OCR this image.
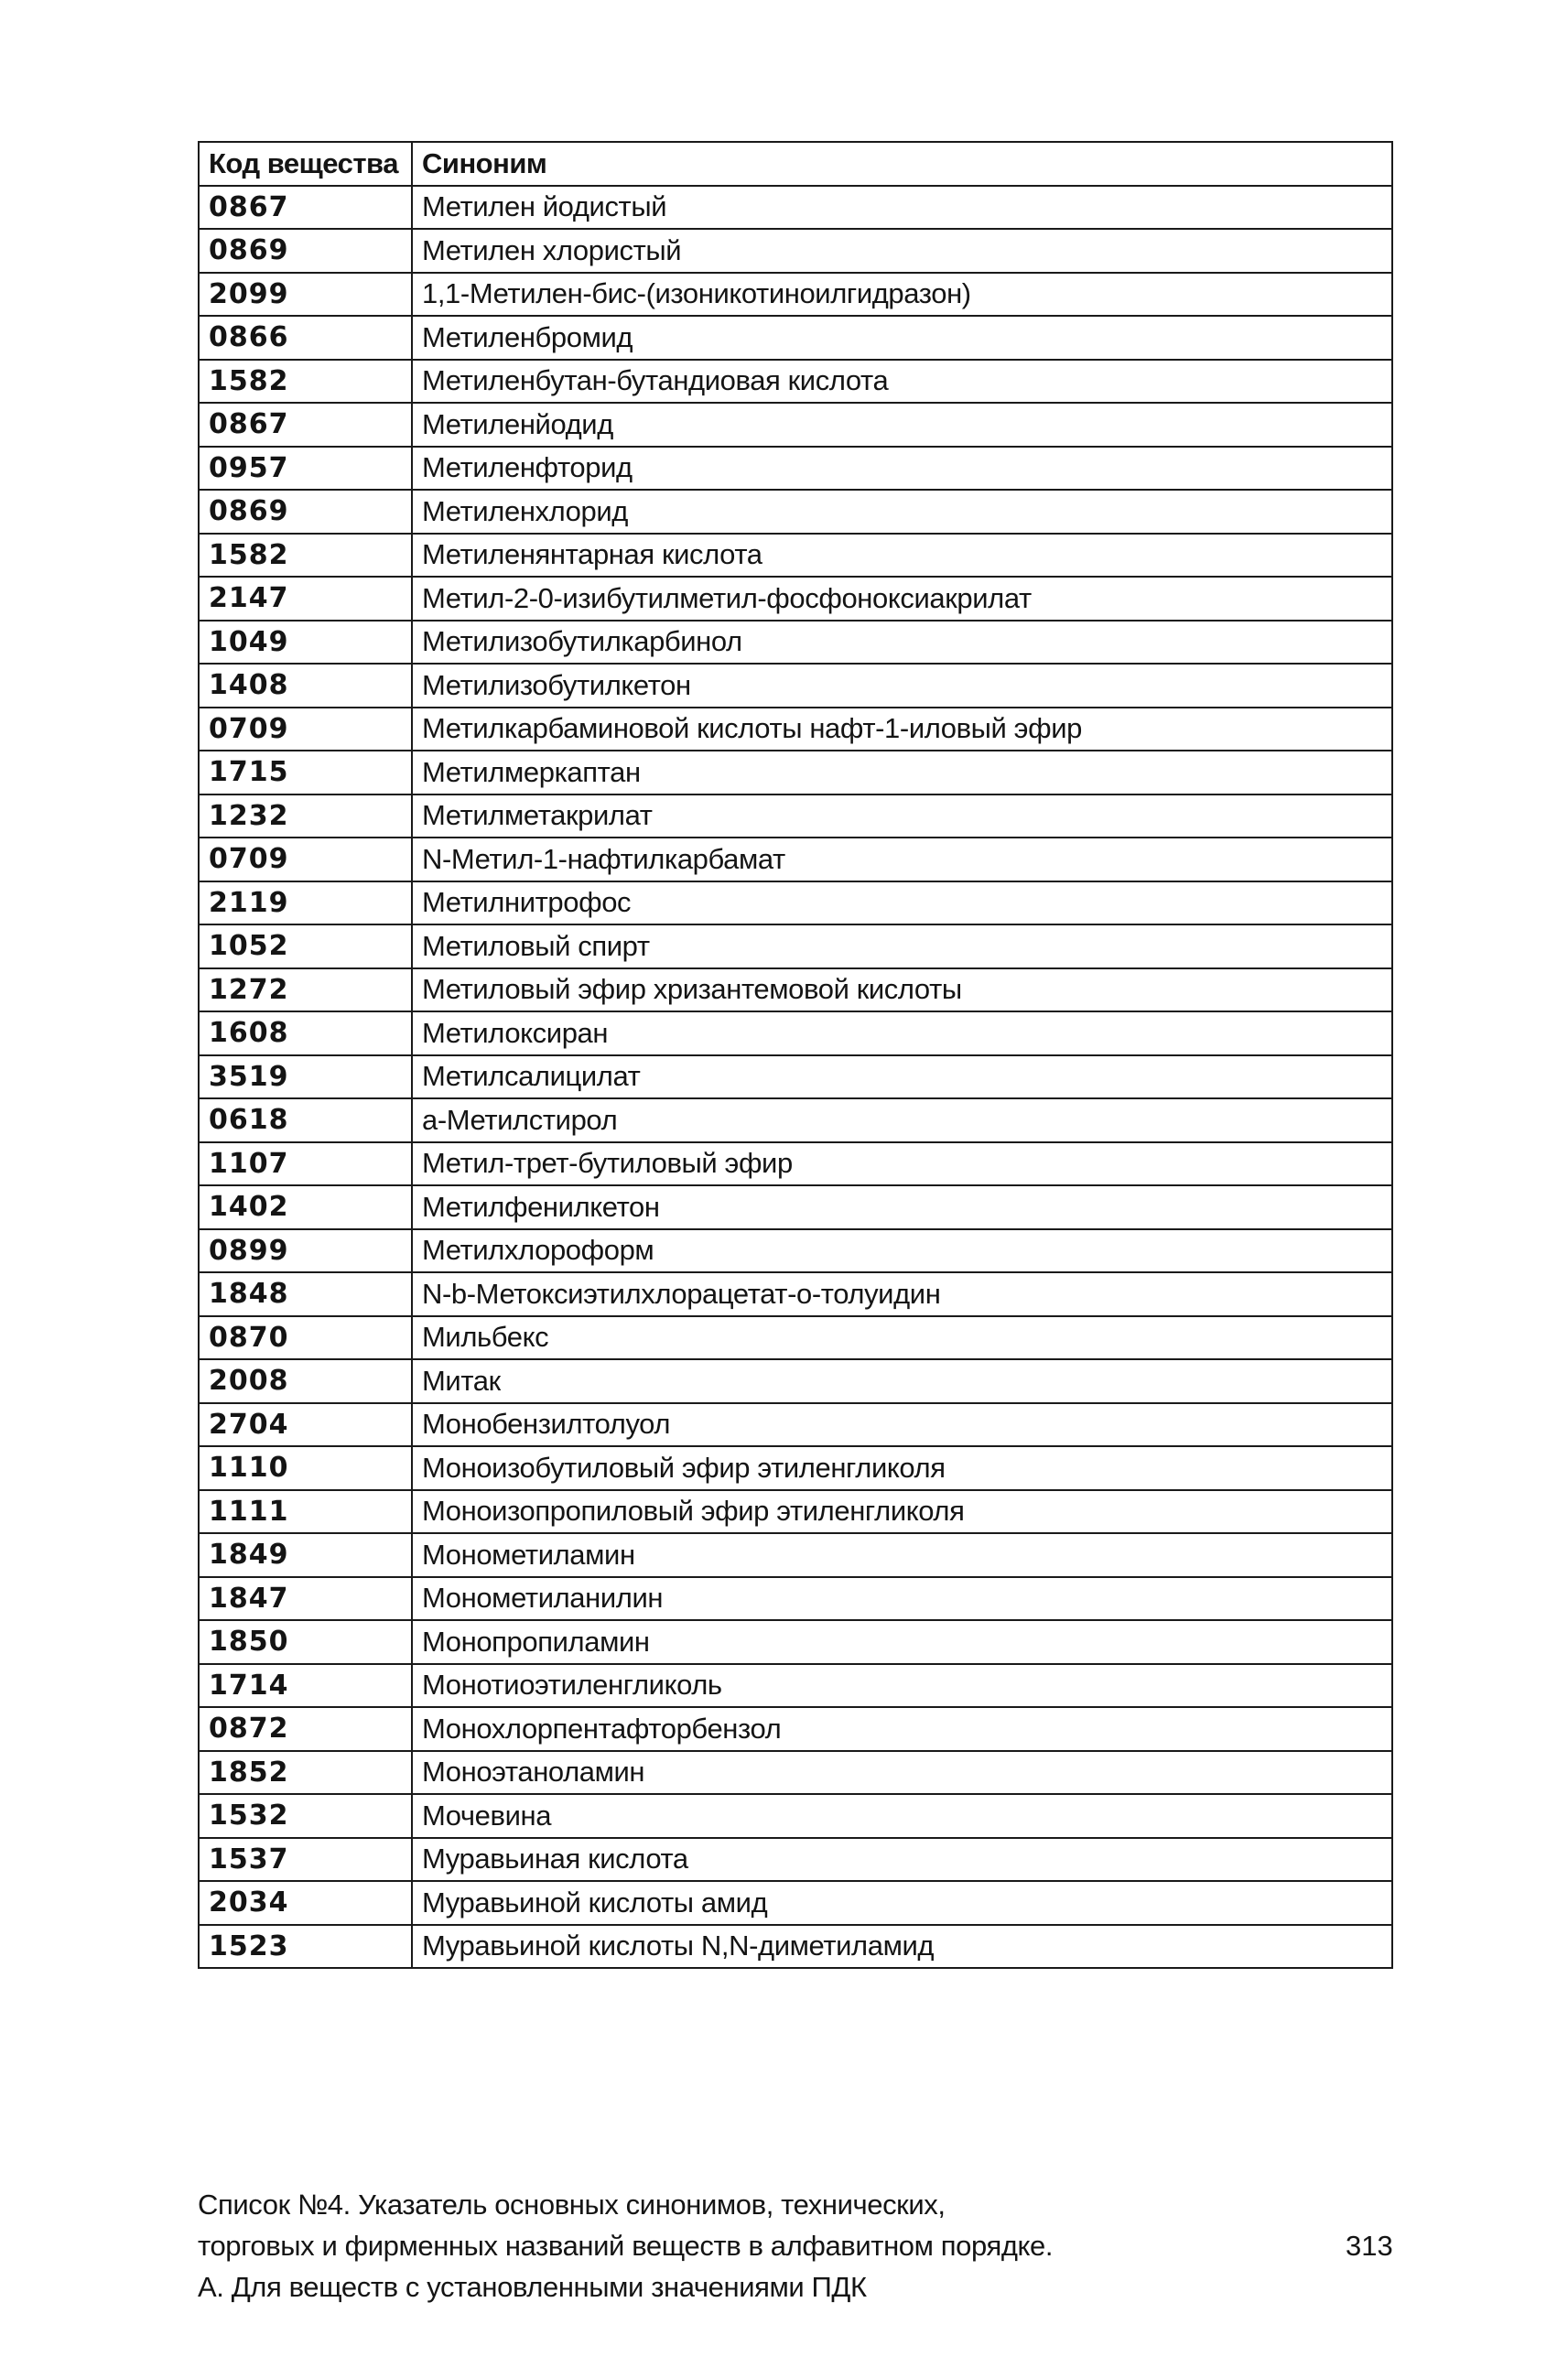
Код вещества	Синоним
0867	Метилен йодистый
0869	Метилен хлористый
2099	1,1-Метилен-бис-(изоникотиноилгидразон)
0866	Метиленбромид
1582	Метиленбутан-бутандиовая кислота
0867	Метиленйодид
0957	Метиленфторид
0869	Метиленхлорид
1582	Метиленянтарная кислота
2147	Метил-2-0-изибутилметил-фосфоноксиакрилат
1049	Метилизобутилкарбинол
1408	Метилизобутилкетон
0709	Метилкарбаминовой кислоты нафт-1-иловый эфир
1715	Метилмеркаптан
1232	Метилметакрилат
0709	N-Метил-1-нафтилкарбамат
2119	Метилнитрофос
1052	Метиловый спирт
1272	Метиловый эфир хризантемовой кислоты
1608	Метилоксиран
3519	Метилсалицилат
0618	a-Метилстирол
1107	Метил-трет-бутиловый эфир
1402	Метилфенилкетон
0899	Метилхлороформ
1848	N-b-Метоксиэтилхлорацетат-о-толуидин
0870	Мильбекс
2008	Митак
2704	Монобензилтолуол
1110	Моноизобутиловый эфир этиленгликоля
1111	Моноизопропиловый эфир этиленгликоля
1849	Монометиламин
1847	Монометиланилин
1850	Монопропиламин
1714	Монотиоэтиленгликоль
0872	Монохлорпентафторбензол
1852	Моноэтаноламин
1532	Мочевина
1537	Муравьиная кислота
2034	Муравьиной кислоты амид
1523	Муравьиной кислоты N,N-диметиламид
Список №4. Указатель основных синонимов, технических,
торговых и фирменных названий веществ в алфавитном порядке.
А. Для веществ с установленными значениями ПДК
313
